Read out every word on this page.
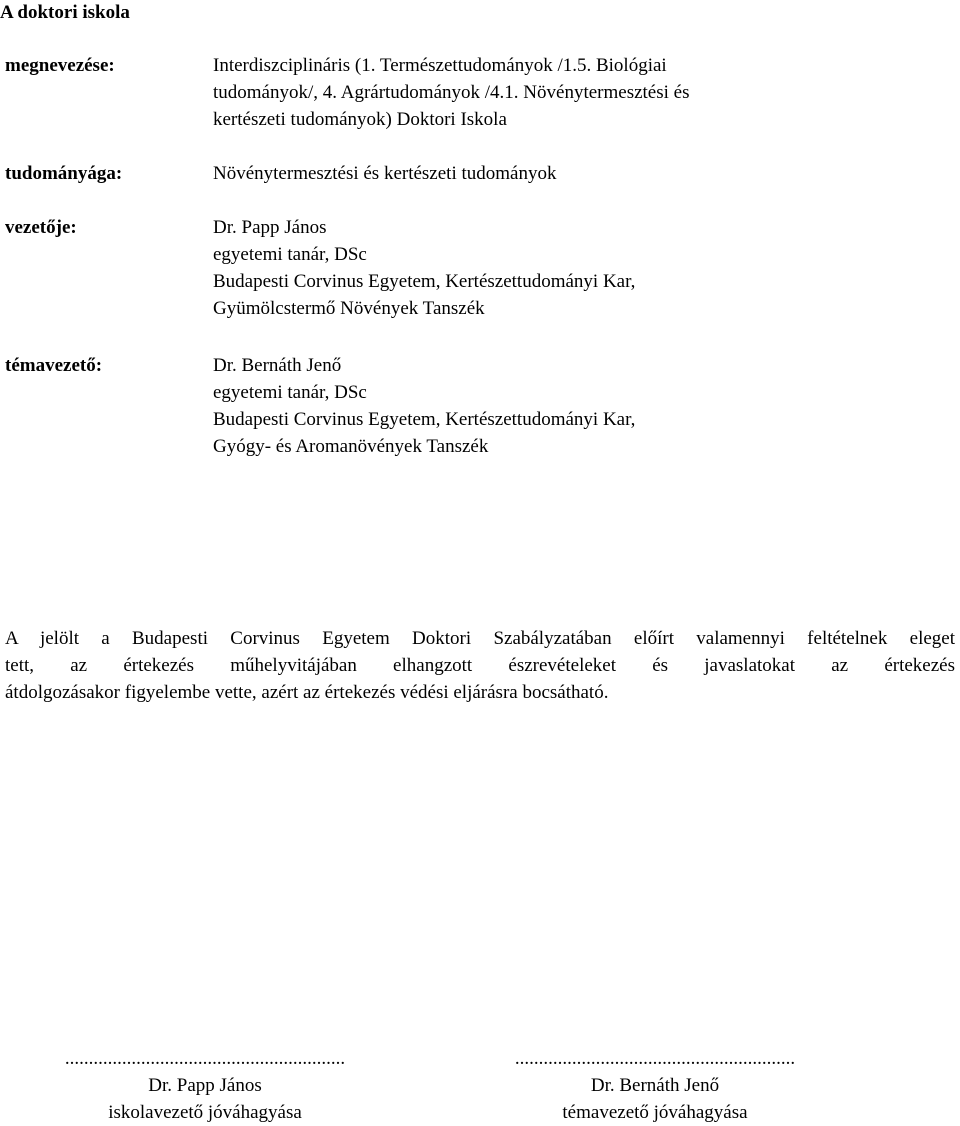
A doktori iskola
megnevezése:	Interdiszciplináris (1. Természettudományok /1.5. Biológiai
tudományok/, 4. Agrártudományok /4.1. Növénytermesztési és
kertészeti tudományok) Doktori Iskola
tudományága:	Növénytermesztési és kertészeti tudományok
vezetője:	Dr. Papp János
egyetemi tanár, DSc
Budapesti Corvinus Egyetem, Kertészettudományi Kar,
Gyümölcstermő Növények Tanszék
témavezető:	Dr. Bernáth Jenő
egyetemi tanár, DSc
Budapesti Corvinus Egyetem, Kertészettudományi Kar,
Gyógy- és Aromanövények Tanszék
A jelölt a Budapesti Corvinus Egyetem Doktori Szabályzatában előírt valamennyi feltételnek eleget
tett, az értekezés műhelyvitájában elhangzott észrevételeket és javaslatokat az értekezés
átdolgozásakor figyelembe vette, azért az értekezés védési eljárásra bocsátható.
...........................................................
Dr. Papp János
iskolavezető jóváhagyása
...........................................................
Dr. Bernáth Jenő
témavezető jóváhagyása
